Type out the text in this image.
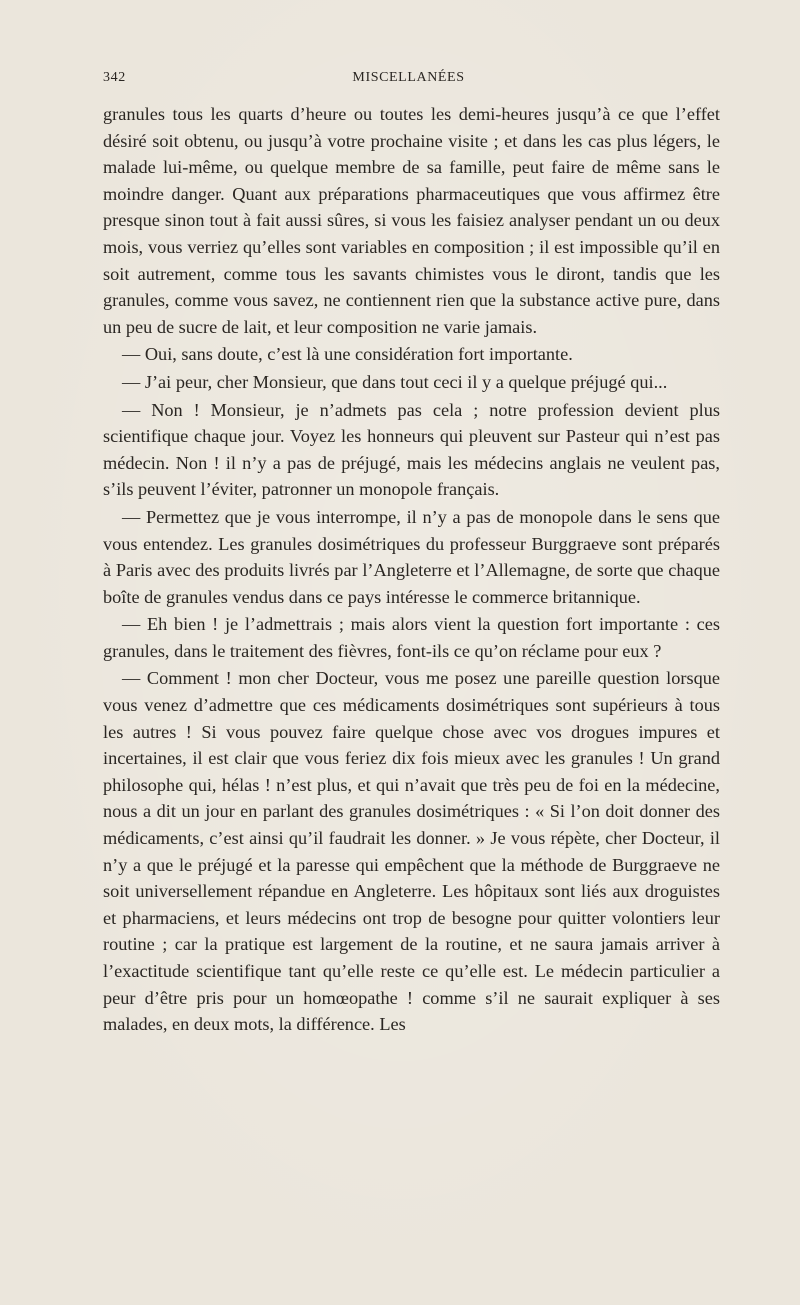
342	MISCELLANÉES

granules tous les quarts d’heure ou toutes les demi-heures jusqu’à ce que l’effet désiré soit obtenu, ou jusqu’à votre prochaine visite ; et dans les cas plus légers, le malade lui-même, ou quelque membre de sa famille, peut faire de même sans le moindre danger. Quant aux préparations pharmaceutiques que vous affirmez être presque sinon tout à fait aussi sûres, si vous les faisiez analyser pendant un ou deux mois, vous verriez qu’elles sont variables en composition ; il est impossible qu’il en soit autrement, comme tous les savants chimistes vous le diront, tandis que les granules, comme vous savez, ne contiennent rien que la substance active pure, dans un peu de sucre de lait, et leur composition ne varie jamais.

— Oui, sans doute, c’est là une considération fort importante.

— J’ai peur, cher Monsieur, que dans tout ceci il y a quelque préjugé qui...

— Non ! Monsieur, je n’admets pas cela ; notre profession devient plus scientifique chaque jour. Voyez les honneurs qui pleuvent sur Pasteur qui n’est pas médecin. Non ! il n’y a pas de préjugé, mais les médecins anglais ne veulent pas, s’ils peuvent l’éviter, patronner un monopole français.

— Permettez que je vous interrompe, il n’y a pas de monopole dans le sens que vous entendez. Les granules dosimétriques du professeur Burggraeve sont préparés à Paris avec des produits livrés par l’Angleterre et l’Allemagne, de sorte que chaque boîte de granules vendus dans ce pays intéresse le commerce britannique.

— Eh bien ! je l’admettrais ; mais alors vient la question fort importante : ces granules, dans le traitement des fièvres, font-ils ce qu’on réclame pour eux ?

— Comment ! mon cher Docteur, vous me posez une pareille question lorsque vous venez d’admettre que ces médicaments dosimétriques sont supérieurs à tous les autres ! Si vous pouvez faire quelque chose avec vos drogues impures et incertaines, il est clair que vous feriez dix fois mieux avec les granules ! Un grand philosophe qui, hélas ! n’est plus, et qui n’avait que très peu de foi en la médecine, nous a dit un jour en parlant des granules dosimétriques : « Si l’on doit donner des médicaments, c’est ainsi qu’il faudrait les donner. » Je vous répète, cher Docteur, il n’y a que le préjugé et la paresse qui empêchent que la méthode de Burggraeve ne soit universellement répandue en Angleterre. Les hôpitaux sont liés aux droguistes et pharmaciens, et leurs médecins ont trop de besogne pour quitter volontiers leur routine ; car la pratique est largement de la routine, et ne saura jamais arriver à l’exactitude scientifique tant qu’elle reste ce qu’elle est. Le médecin particulier a peur d’être pris pour un homœopathe ! comme s’il ne saurait expliquer à ses malades, en deux mots, la différence. Les
